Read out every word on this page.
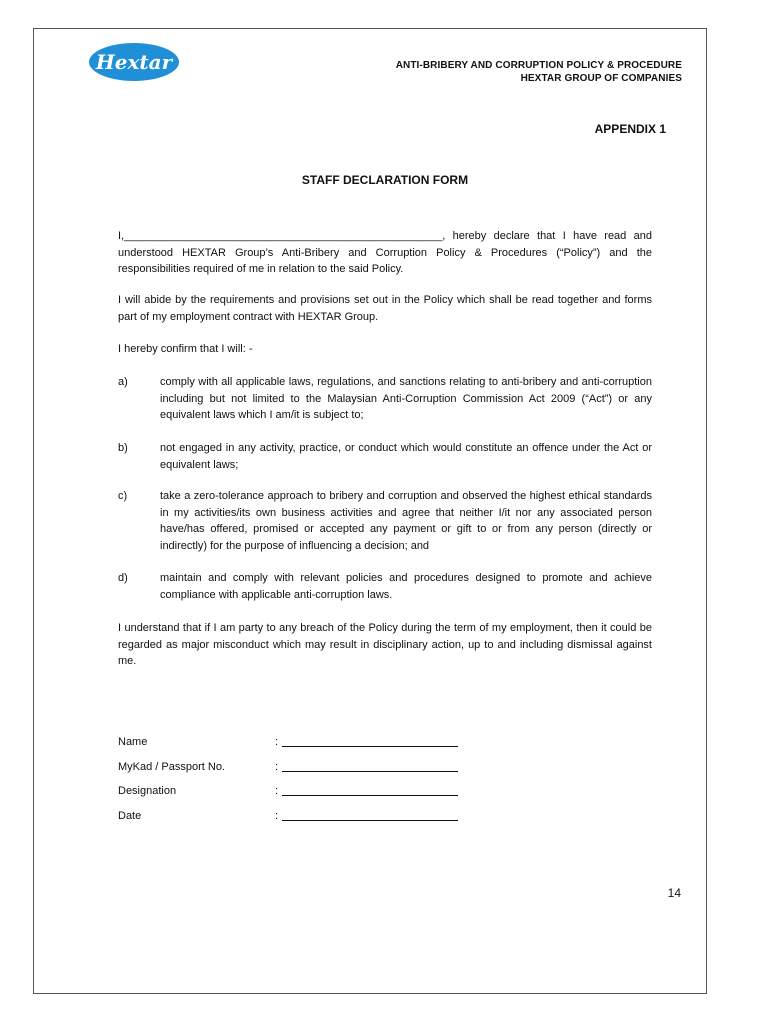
Hextar	ANTI-BRIBERY AND CORRUPTION POLICY & PROCEDURE
HEXTAR GROUP OF COMPANIES
APPENDIX 1
STAFF DECLARATION FORM
I,____________________________________________________, hereby declare that I have read and understood HEXTAR Group’s Anti-Bribery and Corruption Policy & Procedures (“Policy”) and the responsibilities required of me in relation to the said Policy.
I will abide by the requirements and provisions set out in the Policy which shall be read together and forms part of my employment contract with HEXTAR Group.
I hereby confirm that I will: -
a)	comply with all applicable laws, regulations, and sanctions relating to anti-bribery and anti-corruption including but not limited to the Malaysian Anti-Corruption Commission Act 2009 (“Act”) or any equivalent laws which I am/it is subject to;
b)	not engaged in any activity, practice, or conduct which would constitute an offence under the Act or equivalent laws;
c)	take a zero-tolerance approach to bribery and corruption and observed the highest ethical standards in my activities/its own business activities and agree that neither I/it nor any associated person have/has offered, promised or accepted any payment or gift to or from any person (directly or indirectly) for the purpose of influencing a decision; and
d)	maintain and comply with relevant policies and procedures designed to promote and achieve compliance with applicable anti-corruption laws.
I understand that if I am party to any breach of the Policy during the term of my employment, then it could be regarded as major misconduct which may result in disciplinary action, up to and including dismissal against me.
Name	:
MyKad / Passport No.	:
Designation	:
Date	:
14
